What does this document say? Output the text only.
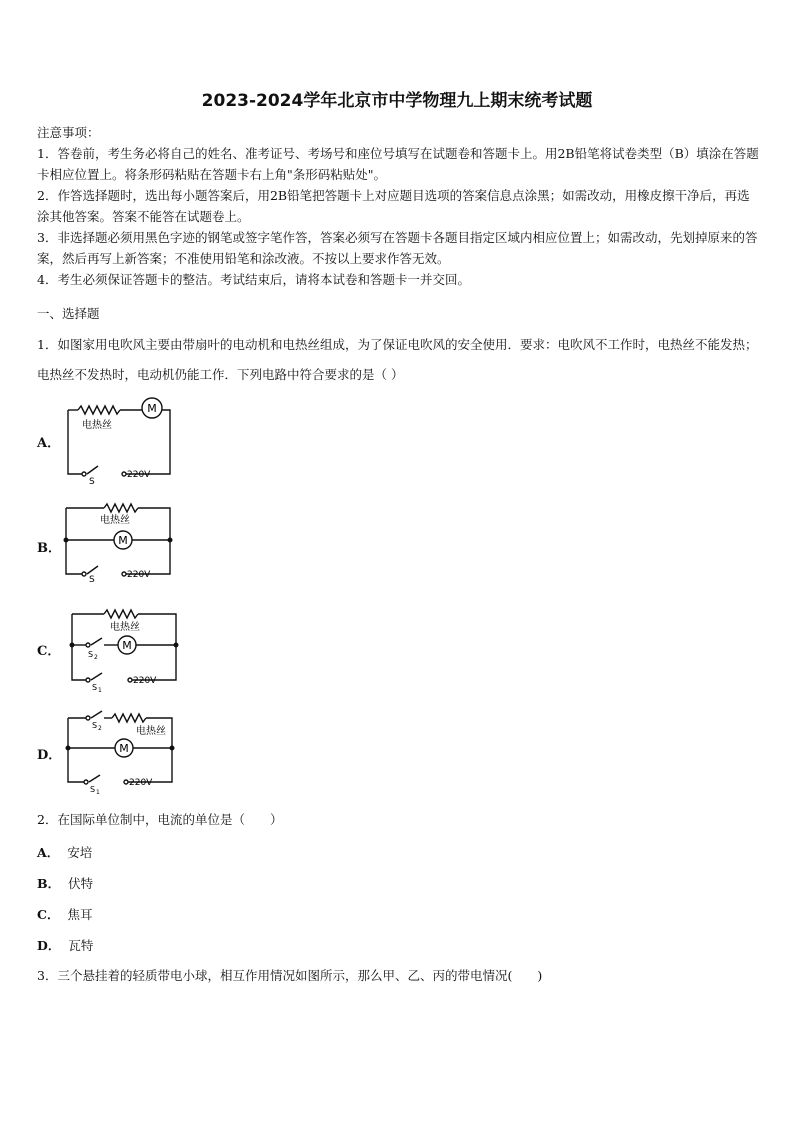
2023-2024学年北京市中学物理九上期末统考试题

注意事项：

1．答卷前，考生务必将自己的姓名、准考证号、考场号和座位号填写在试题卷和答题卡上。用2B铅笔将试卷类型（B）填涂在答题卡相应位置上。将条形码粘贴在答题卡右上角"条形码粘贴处"。

2．作答选择题时，选出每小题答案后，用2B铅笔把答题卡上对应题目选项的答案信息点涂黑；如需改动，用橡皮擦干净后，再选涂其他答案。答案不能答在试题卷上。

3．非选择题必须用黑色字迹的钢笔或签字笔作答，答案必须写在答题卡各题目指定区域内相应位置上；如需改动，先划掉原来的答案，然后再写上新答案；不准使用铅笔和涂改液。不按以上要求作答无效。

4．考生必须保证答题卡的整洁。考试结束后，请将本试卷和答题卡一并交回。

一、选择题
1．如图家用电吹风主要由带扇叶的电动机和电热丝组成，为了保证电吹风的安全使用．要求：电吹风不工作时，电热丝不能发热；电热丝不发热时，电动机仍能工作．下列电路中符合要求的是（ ）
A．
M
电热丝
S
220V
B．
M
电热丝
S	220V
C．	M
电热丝
S 2
S 1
220V
D．	M
电热丝
S 2
S 1
220V
2．在国际单位制中，电流的单位是（　　）
A． 安培
B． 伏特
C． 焦耳
D． 瓦特
3．三个悬挂着的轻质带电小球，相互作用情况如图所示，那么甲、乙、丙的带电情况(　　)
